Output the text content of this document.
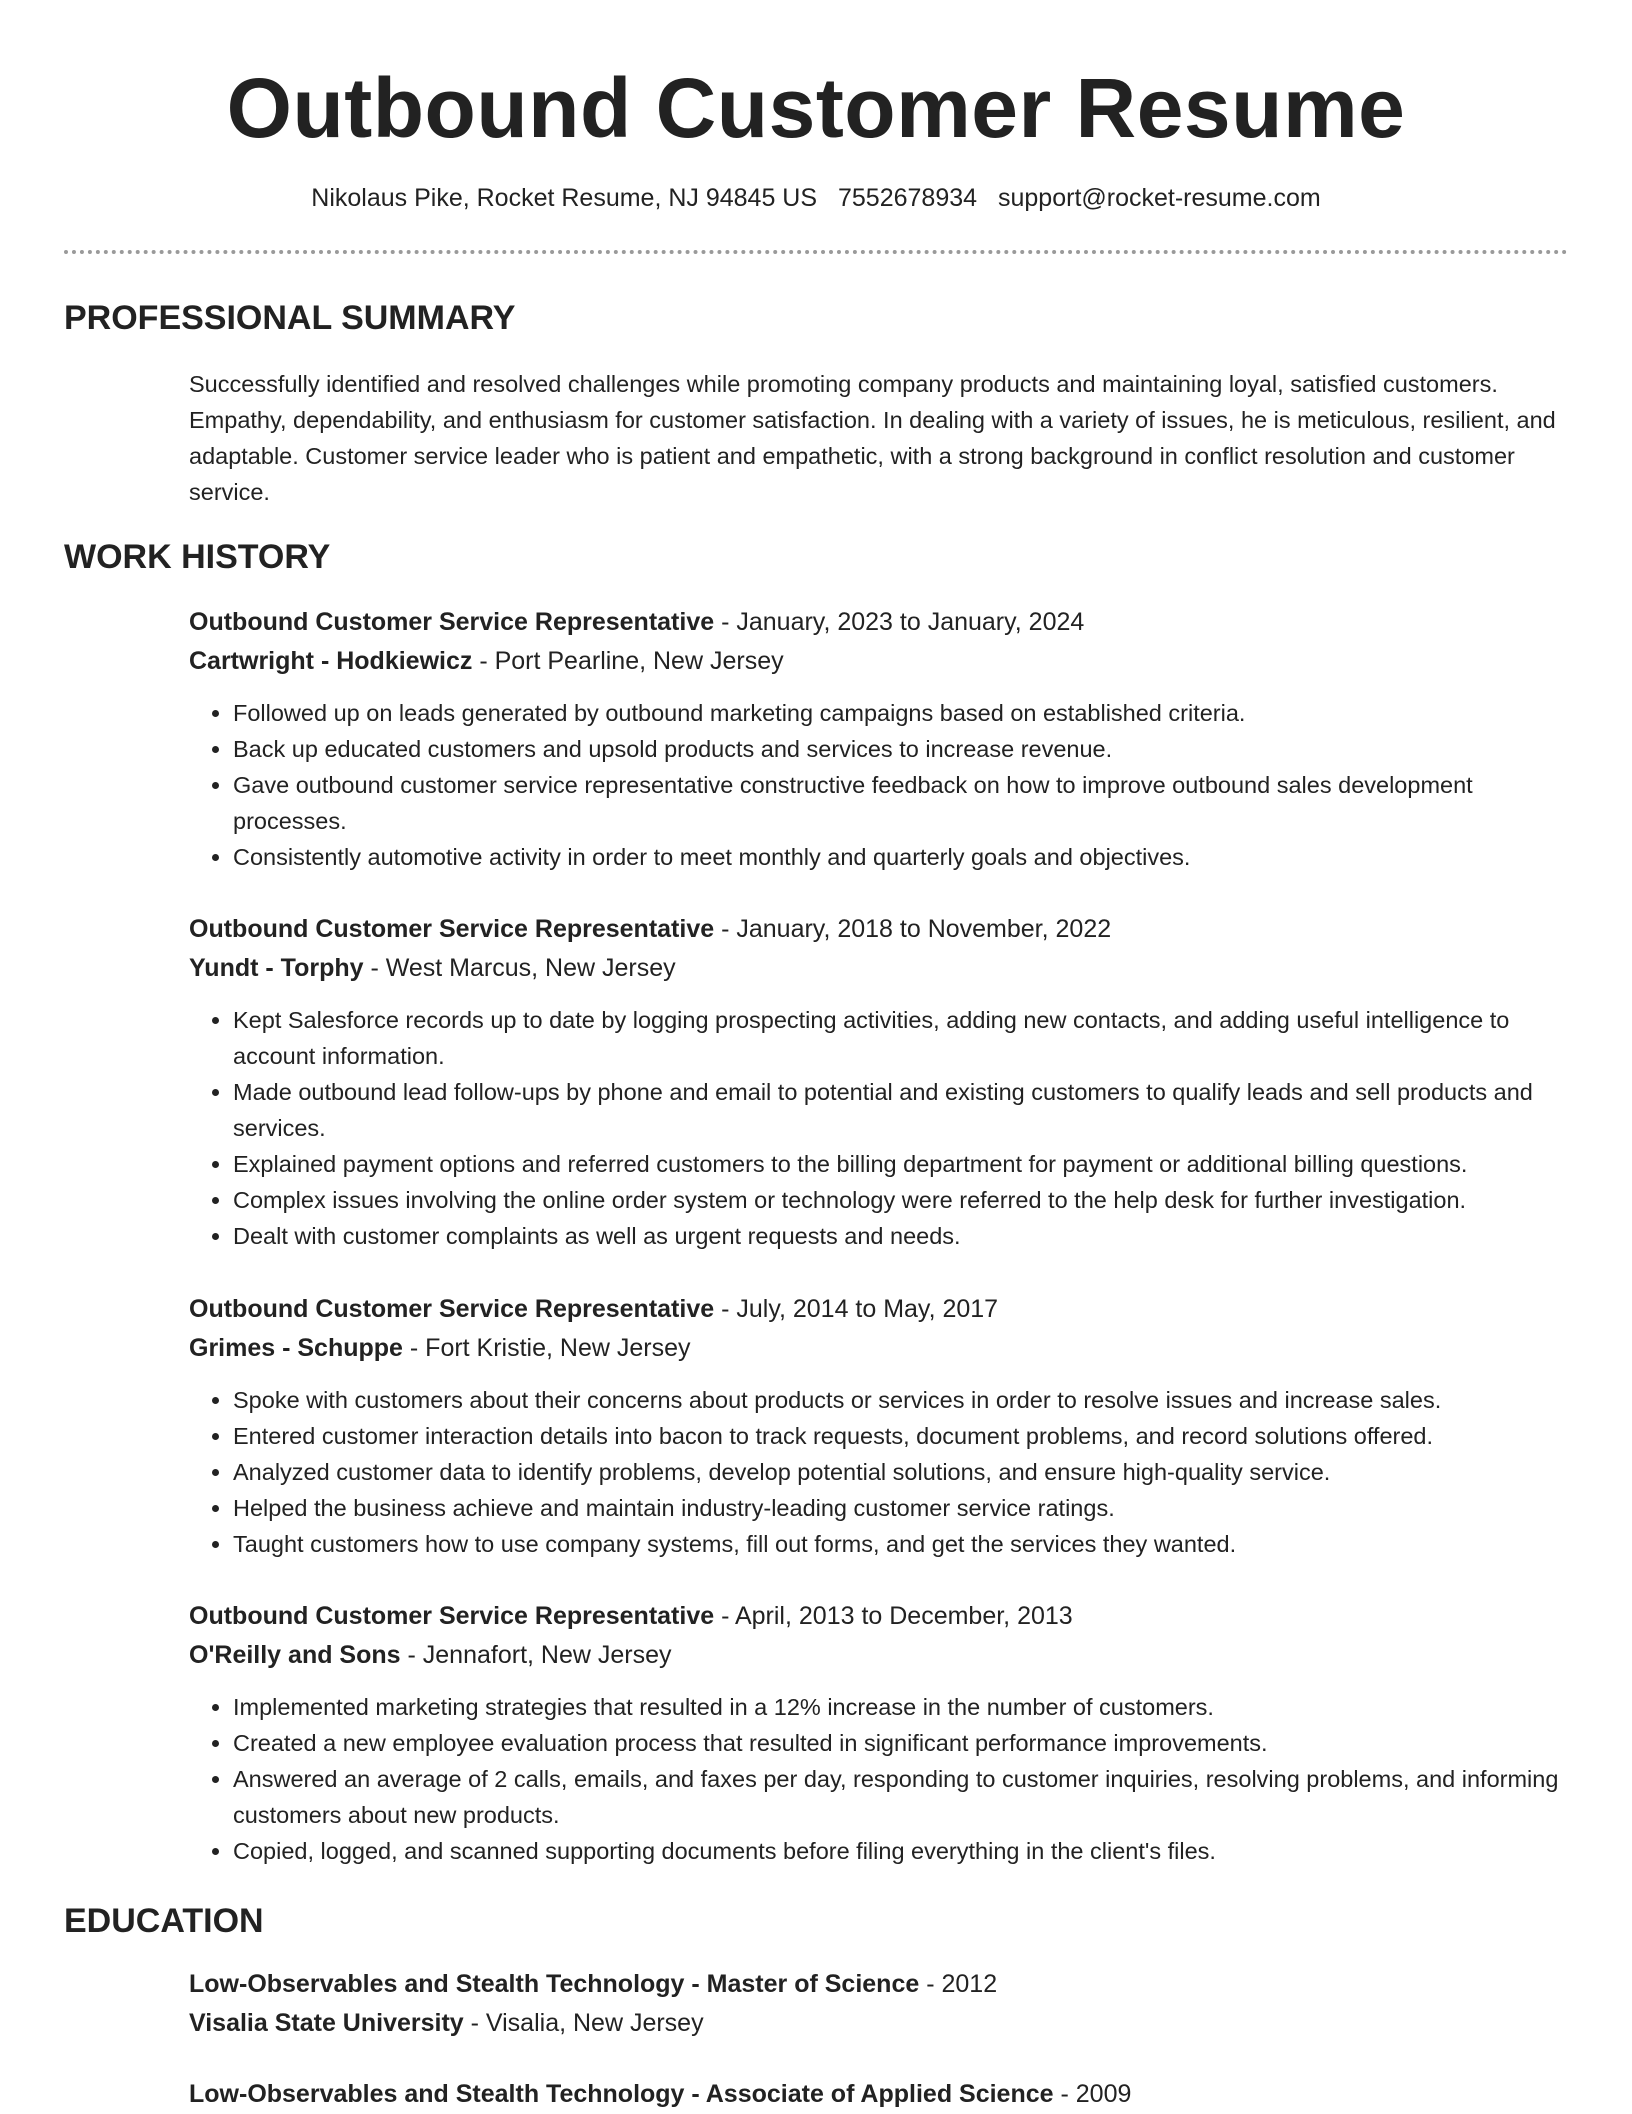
Outbound Customer Resume
Nikolaus Pike, Rocket Resume, NJ 94845 US 7552678934 support@rocket-resume.com
PROFESSIONAL SUMMARY
Successfully identified and resolved challenges while promoting company products and maintaining loyal, satisfied customers. Empathy, dependability, and enthusiasm for customer satisfaction. In dealing with a variety of issues, he is meticulous, resilient, and adaptable. Customer service leader who is patient and empathetic, with a strong background in conflict resolution and customer service.
WORK HISTORY
Outbound Customer Service Representative - January, 2023 to January, 2024
Cartwright - Hodkiewicz - Port Pearline, New Jersey
• Followed up on leads generated by outbound marketing campaigns based on established criteria.
• Back up educated customers and upsold products and services to increase revenue.
• Gave outbound customer service representative constructive feedback on how to improve outbound sales development processes.
• Consistently automotive activity in order to meet monthly and quarterly goals and objectives.
Outbound Customer Service Representative - January, 2018 to November, 2022
Yundt - Torphy - West Marcus, New Jersey
• Kept Salesforce records up to date by logging prospecting activities, adding new contacts, and adding useful intelligence to account information.
• Made outbound lead follow-ups by phone and email to potential and existing customers to qualify leads and sell products and services.
• Explained payment options and referred customers to the billing department for payment or additional billing questions.
• Complex issues involving the online order system or technology were referred to the help desk for further investigation.
• Dealt with customer complaints as well as urgent requests and needs.
Outbound Customer Service Representative - July, 2014 to May, 2017
Grimes - Schuppe - Fort Kristie, New Jersey
• Spoke with customers about their concerns about products or services in order to resolve issues and increase sales.
• Entered customer interaction details into bacon to track requests, document problems, and record solutions offered.
• Analyzed customer data to identify problems, develop potential solutions, and ensure high-quality service.
• Helped the business achieve and maintain industry-leading customer service ratings.
• Taught customers how to use company systems, fill out forms, and get the services they wanted.
Outbound Customer Service Representative - April, 2013 to December, 2013
O'Reilly and Sons - Jennafort, New Jersey
• Implemented marketing strategies that resulted in a 12% increase in the number of customers.
• Created a new employee evaluation process that resulted in significant performance improvements.
• Answered an average of 2 calls, emails, and faxes per day, responding to customer inquiries, resolving problems, and informing customers about new products.
• Copied, logged, and scanned supporting documents before filing everything in the client's files.
EDUCATION
Low-Observables and Stealth Technology - Master of Science - 2012
Visalia State University - Visalia, New Jersey
Low-Observables and Stealth Technology - Associate of Applied Science - 2009
